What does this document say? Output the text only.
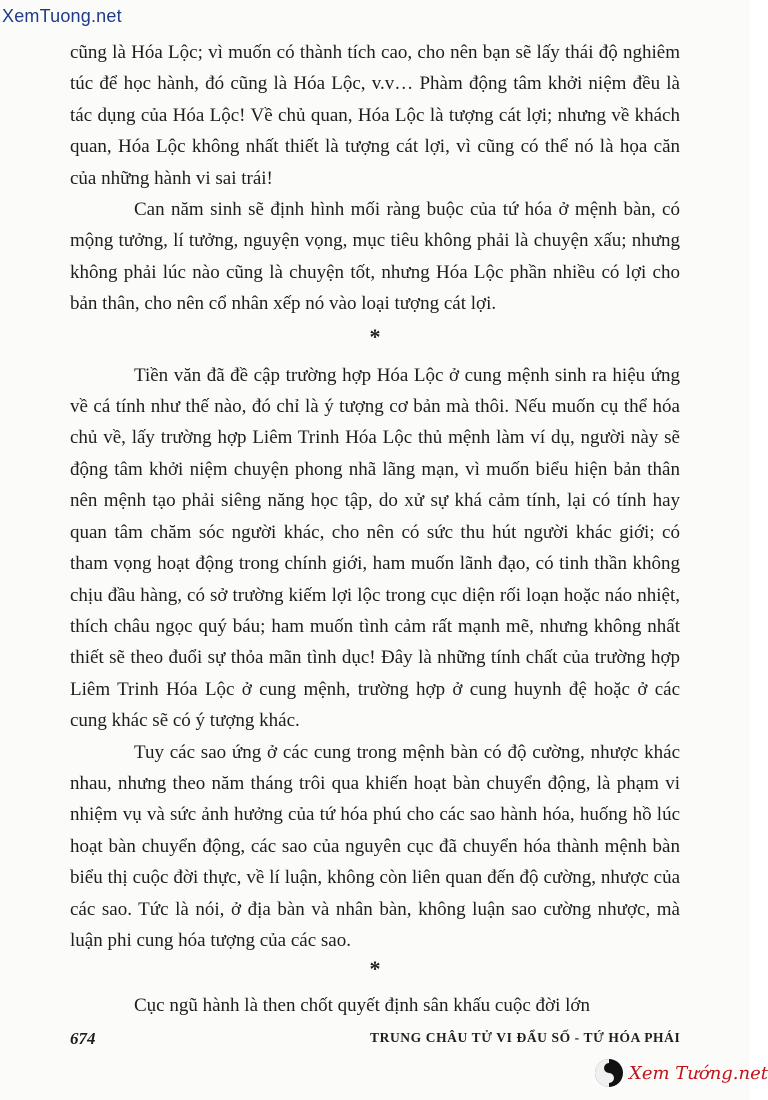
XemTuong.net

cũng là Hóa Lộc; vì muốn có thành tích cao, cho nên bạn sẽ lấy thái độ nghiêm túc để học hành, đó cũng là Hóa Lộc, v.v… Phàm động tâm khởi niệm đều là tác dụng của Hóa Lộc! Về chủ quan, Hóa Lộc là tượng cát lợi; nhưng về khách quan, Hóa Lộc không nhất thiết là tượng cát lợi, vì cũng có thể nó là họa căn của những hành vi sai trái!

Can năm sinh sẽ định hình mối ràng buộc của tứ hóa ở mệnh bàn, có mộng tưởng, lí tưởng, nguyện vọng, mục tiêu không phải là chuyện xấu; nhưng không phải lúc nào cũng là chuyện tốt, nhưng Hóa Lộc phần nhiều có lợi cho bản thân, cho nên cổ nhân xếp nó vào loại tượng cát lợi.

*

Tiền văn đã đề cập trường hợp Hóa Lộc ở cung mệnh sinh ra hiệu ứng về cá tính như thế nào, đó chỉ là ý tượng cơ bản mà thôi. Nếu muốn cụ thể hóa chủ về, lấy trường hợp Liêm Trinh Hóa Lộc thủ mệnh làm ví dụ, người này sẽ động tâm khởi niệm chuyện phong nhã lãng mạn, vì muốn biểu hiện bản thân nên mệnh tạo phải siêng năng học tập, do xử sự khá cảm tính, lại có tính hay quan tâm chăm sóc người khác, cho nên có sức thu hút người khác giới; có tham vọng hoạt động trong chính giới, ham muốn lãnh đạo, có tinh thần không chịu đầu hàng, có sở trường kiếm lợi lộc trong cục diện rối loạn hoặc náo nhiệt, thích châu ngọc quý báu; ham muốn tình cảm rất mạnh mẽ, nhưng không nhất thiết sẽ theo đuổi sự thỏa mãn tình dục! Đây là những tính chất của trường hợp Liêm Trinh Hóa Lộc ở cung mệnh, trường hợp ở cung huynh đệ hoặc ở các cung khác sẽ có ý tượng khác.

Tuy các sao ứng ở các cung trong mệnh bàn có độ cường, nhược khác nhau, nhưng theo năm tháng trôi qua khiến hoạt bàn chuyển động, là phạm vi nhiệm vụ và sức ảnh hưởng của tứ hóa phú cho các sao hành hóa, huống hồ lúc hoạt bàn chuyển động, các sao của nguyên cục đã chuyển hóa thành mệnh bàn biểu thị cuộc đời thực, về lí luận, không còn liên quan đến độ cường, nhược của các sao. Tức là nói, ở địa bàn và nhân bàn, không luận sao cường nhược, mà luận phi cung hóa tượng của các sao.

*

Cục ngũ hành là then chốt quyết định sân khấu cuộc đời lớn

674	TRUNG CHÂU TỬ VI ĐẨU SỐ - TỨ HÓA PHÁI
Xem Tướng.net
